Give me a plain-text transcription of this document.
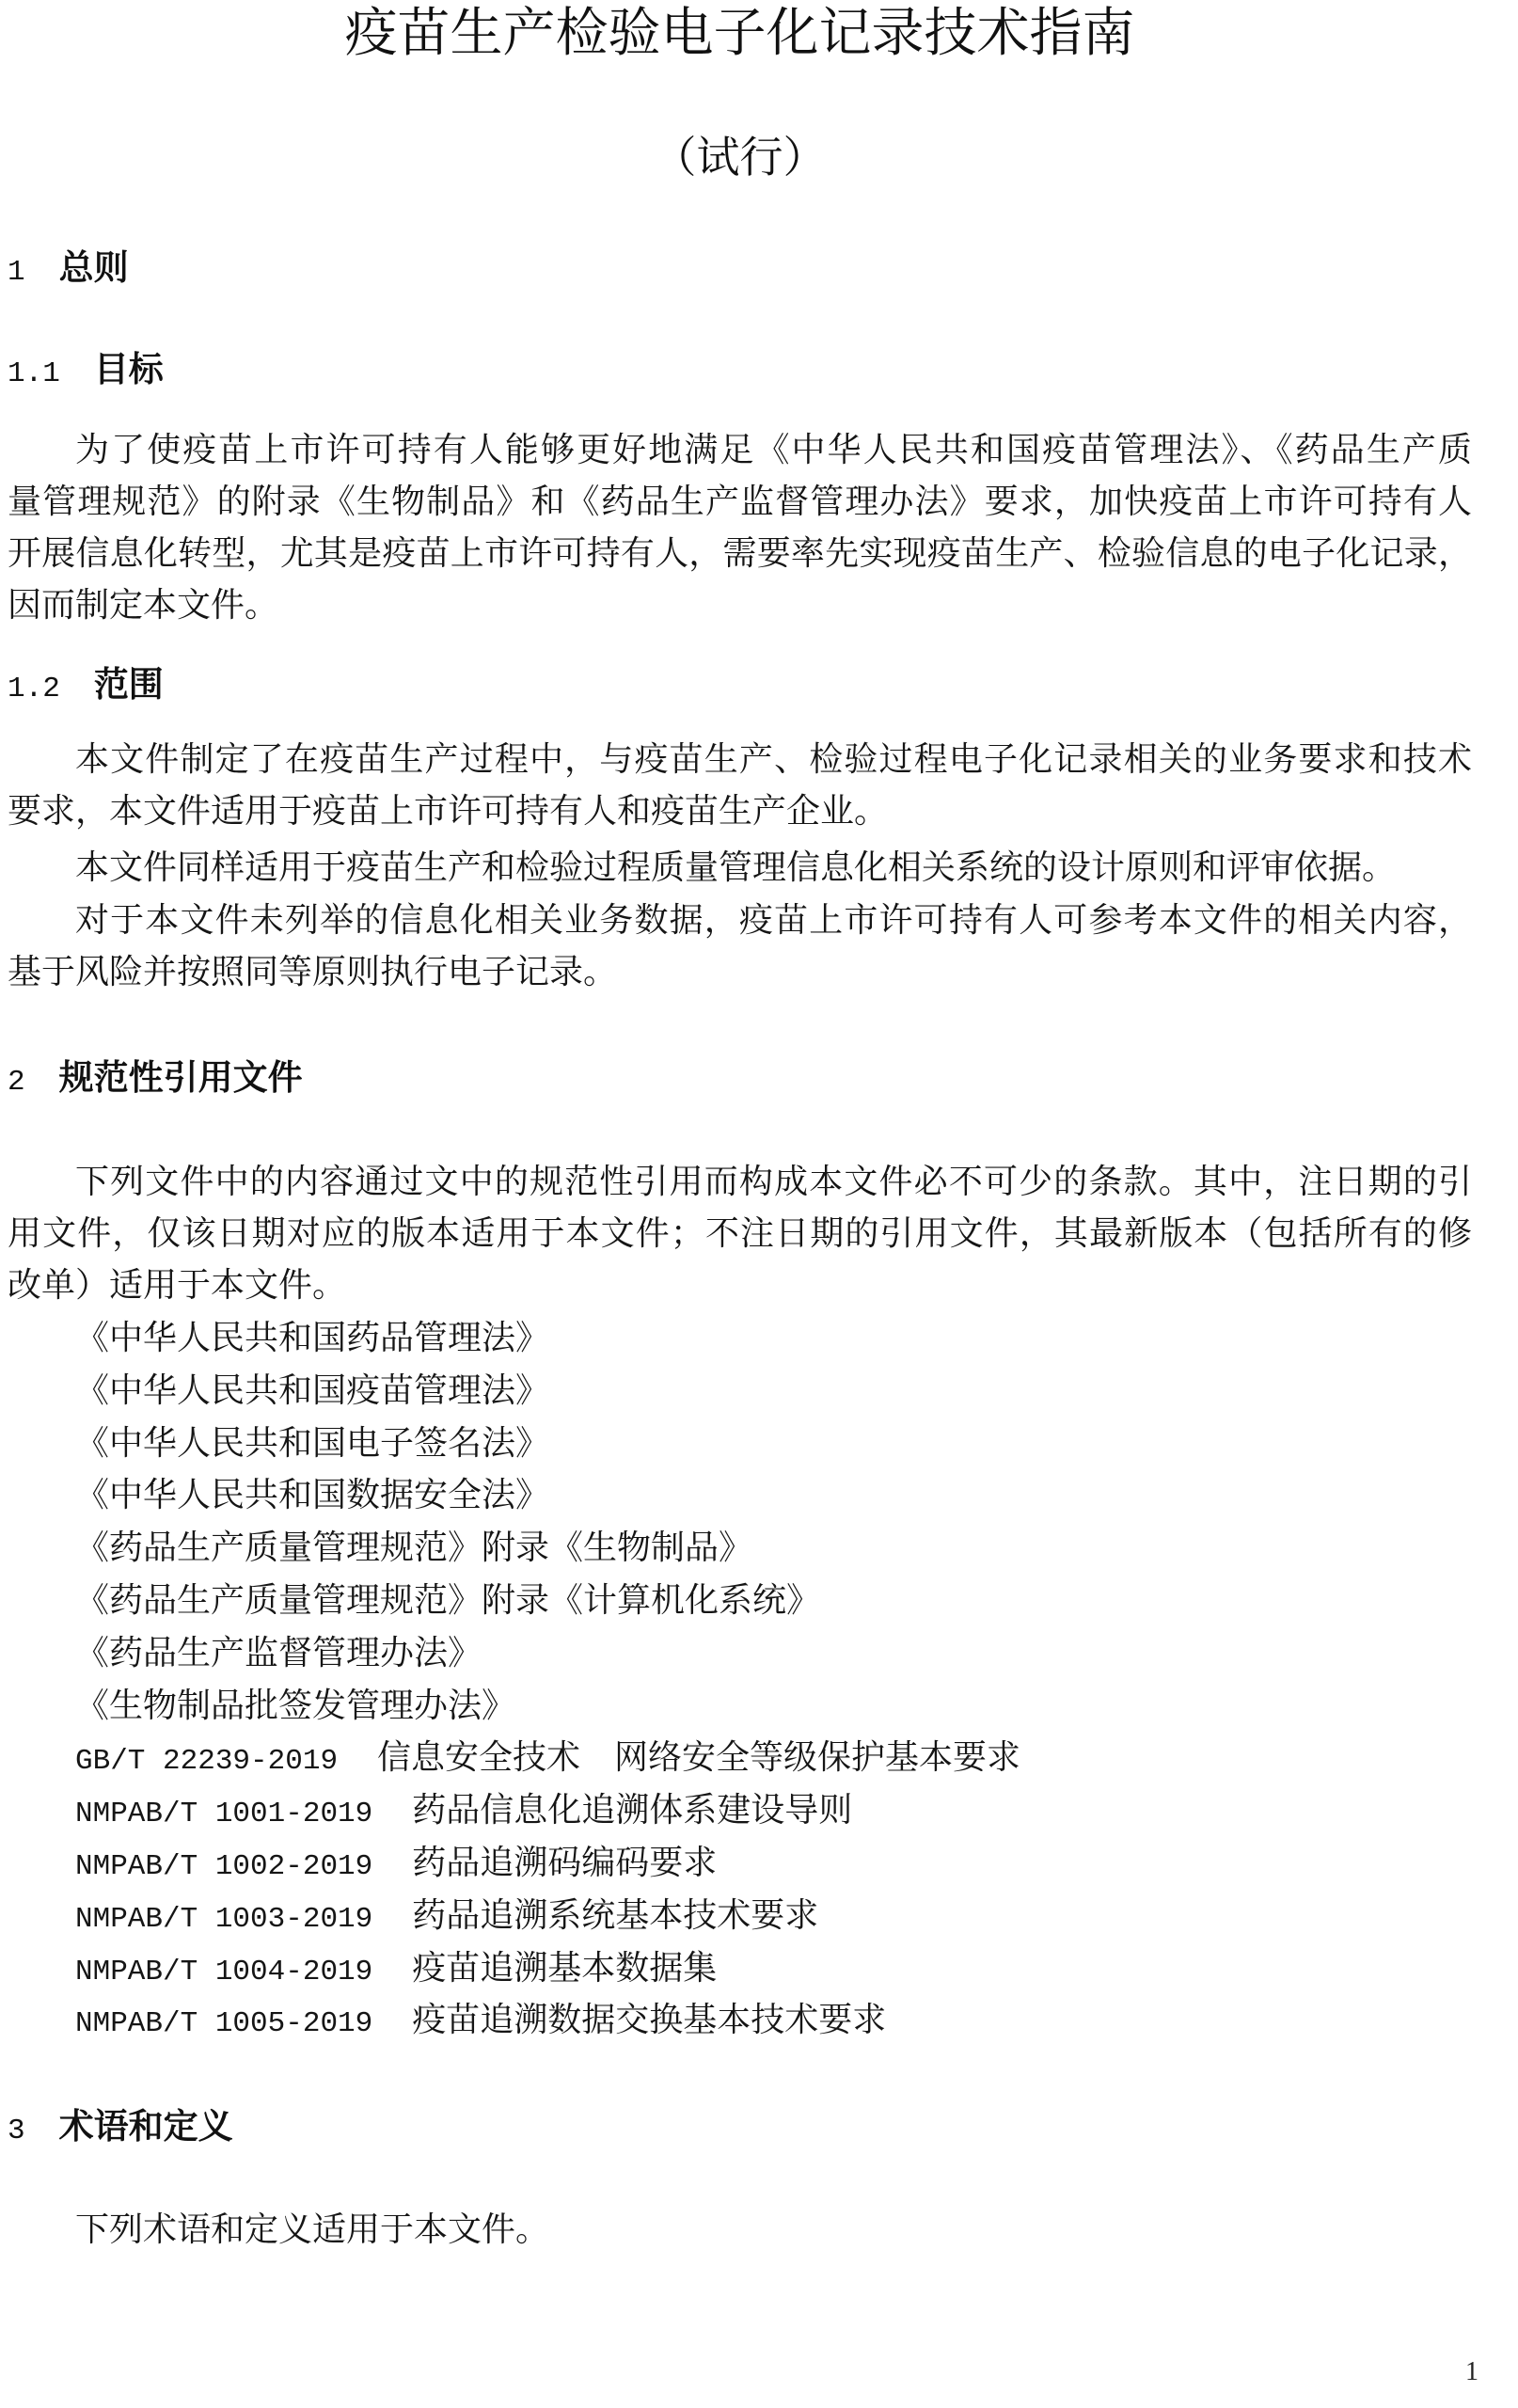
疫苗生产检验电子化记录技术指南
（试行）
1 总则
1.1 目标
为了使疫苗上市许可持有人能够更好地满足《中华人民共和国疫苗管理法》、《药品生产质
量管理规范》的附录《生物制品》和《药品生产监督管理办法》要求，加快疫苗上市许可持有人
开展信息化转型，尤其是疫苗上市许可持有人，需要率先实现疫苗生产、检验信息的电子化记录，
因而制定本文件。
1.2 范围
本文件制定了在疫苗生产过程中，与疫苗生产、检验过程电子化记录相关的业务要求和技术
要求，本文件适用于疫苗上市许可持有人和疫苗生产企业。
本文件同样适用于疫苗生产和检验过程质量管理信息化相关系统的设计原则和评审依据。
对于本文件未列举的信息化相关业务数据，疫苗上市许可持有人可参考本文件的相关内容，
基于风险并按照同等原则执行电子记录。
2 规范性引用文件
下列文件中的内容通过文中的规范性引用而构成本文件必不可少的条款。其中，注日期的引
用文件，仅该日期对应的版本适用于本文件；不注日期的引用文件，其最新版本（包括所有的修
改单）适用于本文件。
《中华人民共和国药品管理法》
《中华人民共和国疫苗管理法》
《中华人民共和国电子签名法》
《中华人民共和国数据安全法》
《药品生产质量管理规范》附录《生物制品》
《药品生产质量管理规范》附录《计算机化系统》
《药品生产监督管理办法》
《生物制品批签发管理办法》
GB/T 22239-2019 信息安全技术　网络安全等级保护基本要求
NMPAB/T 1001-2019 药品信息化追溯体系建设导则
NMPAB/T 1002-2019 药品追溯码编码要求
NMPAB/T 1003-2019 药品追溯系统基本技术要求
NMPAB/T 1004-2019 疫苗追溯基本数据集
NMPAB/T 1005-2019 疫苗追溯数据交换基本技术要求
3 术语和定义
下列术语和定义适用于本文件。
1
